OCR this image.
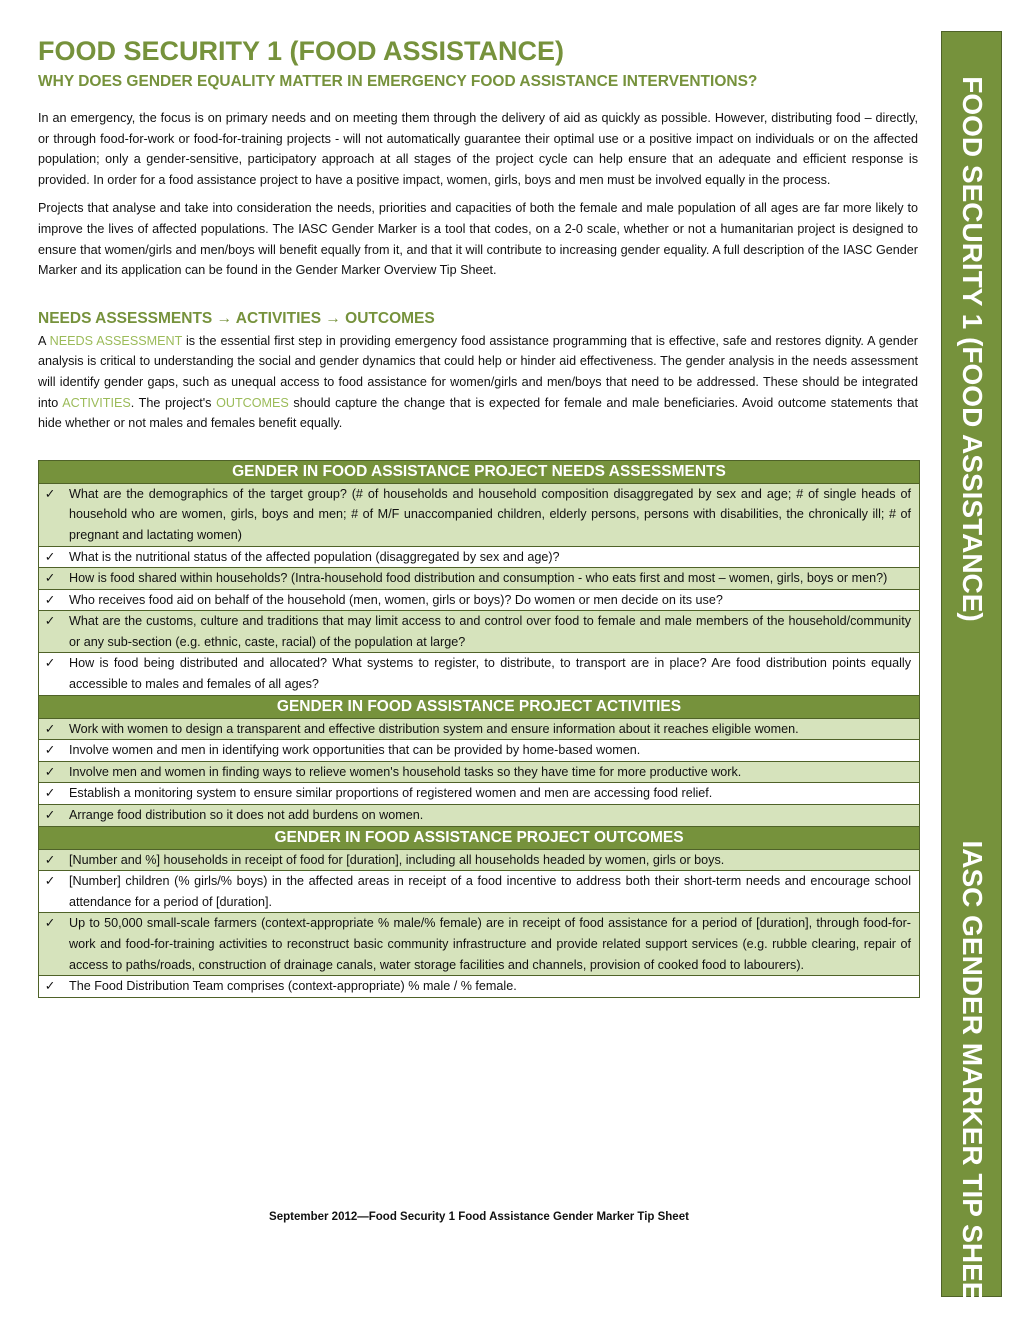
FOOD SECURITY 1 (FOOD ASSISTANCE)
WHY DOES GENDER EQUALITY MATTER IN EMERGENCY FOOD ASSISTANCE INTERVENTIONS?

In an emergency, the focus is on primary needs and on meeting them through the delivery of aid as quickly as possible. However, distributing food – directly, or through food-for-work or food-for-training projects - will not automatically guarantee their optimal use or a positive impact on individuals or on the affected population; only a gender-sensitive, participatory approach at all stages of the project cycle can help ensure that an adequate and efficient response is provided. In order for a food assistance project to have a positive impact, women, girls, boys and men must be involved equally in the process.

Projects that analyse and take into consideration the needs, priorities and capacities of both the female and male population of all ages are far more likely to improve the lives of affected populations. The IASC Gender Marker is a tool that codes, on a 2-0 scale, whether or not a humanitarian project is designed to ensure that women/girls and men/boys will benefit equally from it, and that it will contribute to increasing gender equality. A full description of the IASC Gender Marker and its application can be found in the Gender Marker Overview Tip Sheet.

NEEDS ASSESSMENTS → ACTIVITIES → OUTCOMES

A NEEDS ASSESSMENT is the essential first step in providing emergency food assistance programming that is effective, safe and restores dignity. A gender analysis is critical to understanding the social and gender dynamics that could help or hinder aid effectiveness. The gender analysis in the needs assessment will identify gender gaps, such as unequal access to food assistance for women/girls and men/boys that need to be addressed. These should be integrated into ACTIVITIES. The project's OUTCOMES should capture the change that is expected for female and male beneficiaries. Avoid outcome statements that hide whether or not males and females benefit equally.

GENDER IN FOOD ASSISTANCE PROJECT NEEDS ASSESSMENTS	
✓	What are the demographics of the target group? (# of households and household composition disaggregated by sex and age; # of single heads of household who are women, girls, boys and men; # of M/F unaccompanied children, elderly persons, persons with disabilities, the chronically ill; # of pregnant and lactating women)
✓	What is the nutritional status of the affected population (disaggregated by sex and age)?
✓	How is food shared within households? (Intra-household food distribution and consumption - who eats first and most – women, girls, boys or men?)
✓	Who receives food aid on behalf of the household (men, women, girls or boys)? Do women or men decide on its use?
✓	What are the customs, culture and traditions that may limit access to and control over food to female and male members of the household/community or any sub-section (e.g. ethnic, caste, racial) of the population at large?
✓	How is food being distributed and allocated? What systems to register, to distribute, to transport are in place? Are food distribution points equally accessible to males and females of all ages?
GENDER IN FOOD ASSISTANCE PROJECT ACTIVITIES	
✓	Work with women to design a transparent and effective distribution system and ensure information about it reaches eligible women.
✓	Involve women and men in identifying work opportunities that can be provided by home-based women.
✓	Involve men and women in finding ways to relieve women's household tasks so they have time for more productive work.
✓	Establish a monitoring system to ensure similar proportions of registered women and men are accessing food relief.
✓	Arrange food distribution so it does not add burdens on women.
GENDER IN FOOD ASSISTANCE PROJECT OUTCOMES	
✓	[Number and %] households in receipt of food for [duration], including all households headed by women, girls or boys.
✓	[Number] children (% girls/% boys) in the affected areas in receipt of a food incentive to address both their short-term needs and encourage school attendance for a period of [duration].
✓	Up to 50,000 small-scale farmers (context-appropriate % male/% female) are in receipt of food assistance for a period of [duration], through food-for-work and food-for-training activities to reconstruct basic community infrastructure and provide related support services (e.g. rubble clearing, repair of access to paths/roads, construction of drainage canals, water storage facilities and channels, provision of cooked food to labourers).
✓	The Food Distribution Team comprises (context-appropriate) % male / % female.
September 2012—Food Security 1 Food Assistance Gender Marker Tip Sheet
FOOD SECURITY 1 (FOOD ASSISTANCE)
IASC GENDER MARKER TIP SHEET
